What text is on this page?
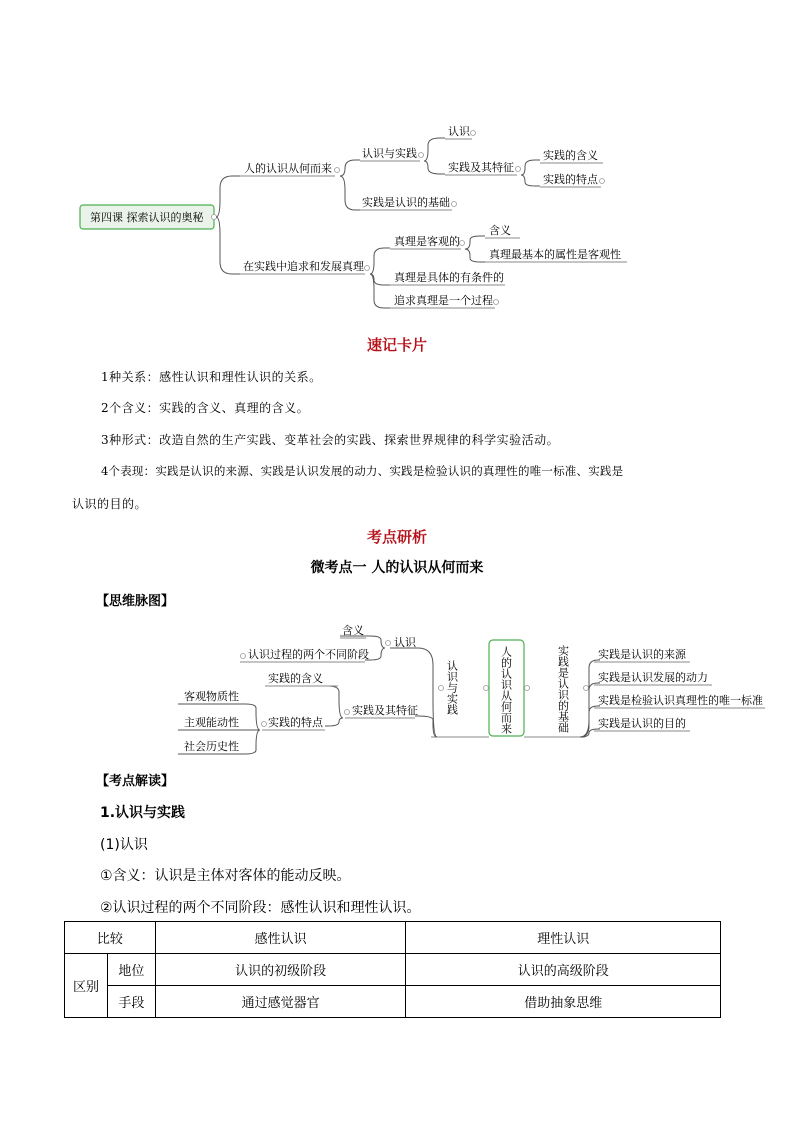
第四课 探索认识的奥秘
人的认识从何而来
认识与实践
认识
实践及其特征
实践的含义
实践的特点
实践是认识的基础
在实践中追求和发展真理
真理是客观的
含义
真理最基本的属性是客观性
真理是具体的有条件的
追求真理是一个过程
速记卡片
1种关系：感性认识和理性认识的关系。
2个含义：实践的含义、真理的含义。
3种形式：改造自然的生产实践、变革社会的实践、探索世界规律的科学实验活动。
4个表现：实践是认识的来源、实践是认识发展的动力、实践是检验认识的真理性的唯一标准、实践是
认识的目的。
考点研析
微考点一 人的认识从何而来
【思维脉图】
人的认识从何而来
认识与实践
认识
含义
认识过程的两个不同阶段
实践及其特征
实践的含义
实践的特点
客观物质性
主观能动性
社会历史性
实践是认识的基础	实践是认识的来源
实践是认识发展的动力
实践是检验认识真理性的唯一标准
实践是认识的目的
【考点解读】
1.认识与实践
(1)认识
①含义：认识是主体对客体的能动反映。
②认识过程的两个不同阶段：感性认识和理性认识。
比较		感性认识	理性认识
区别	地位	认识的初级阶段	认识的高级阶段
	手段	通过感觉器官	借助抽象思维
